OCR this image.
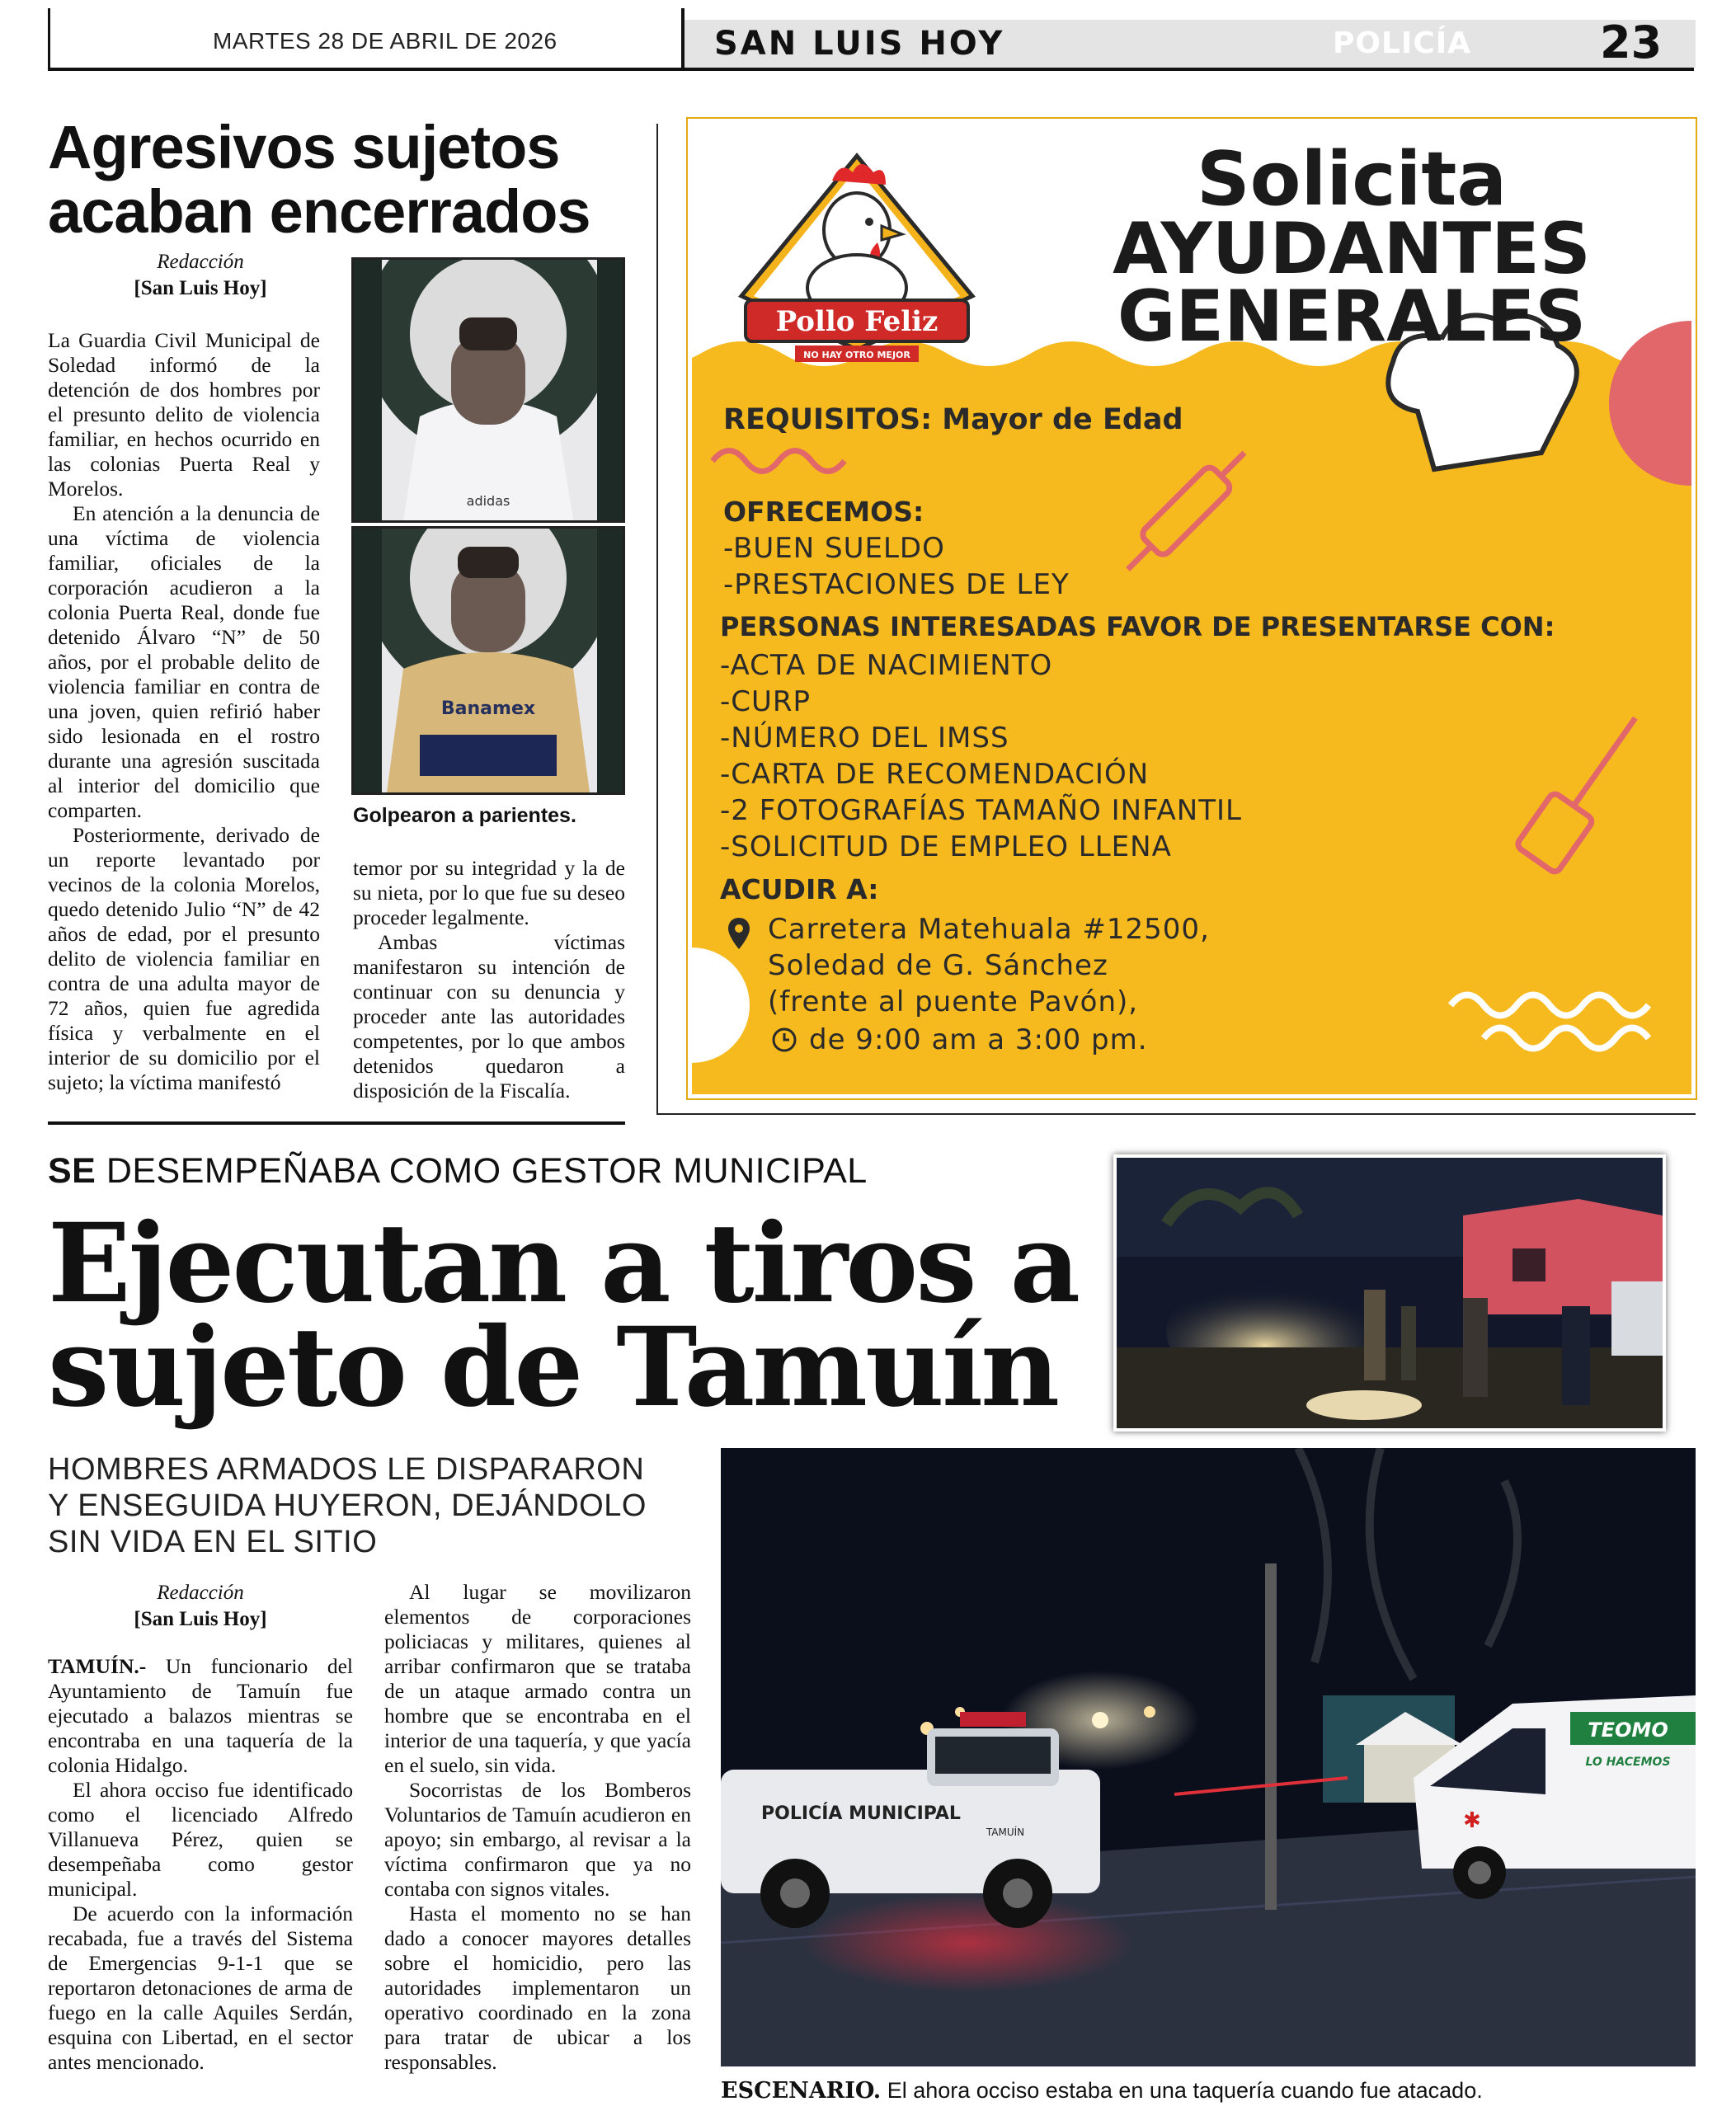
MARTES 28 DE ABRIL DE 2026	SAN LUIS HOY	POLICÍA	23
Agresivos sujetos
acaban encerrados
Redacción
[San Luis Hoy]

La Guardia Civil Municipal de Soledad informó de la detención de dos hombres por el presunto delito de violencia familiar, en hechos ocurrido en las colonias Puerta Real y Morelos.

En atención a la denuncia de una víctima de violencia familiar, oficiales de la corporación acudieron a la colonia Puerta Real, donde fue detenido Álvaro “N” de 50 años, por el probable delito de violencia familiar en contra de una joven, quien refirió haber sido lesionada en el rostro durante una agresión suscitada al interior del domicilio que comparten.

Posteriormente, derivado de un reporte levantado por vecinos de la colonia Morelos, quedo detenido Julio “N” de 42 años de edad, por el presunto delito de violencia familiar en contra de una adulta mayor de 72 años, quien fue agredida física y verbalmente en el interior de su domicilio por el sujeto; la víctima manifestó

adidas
Banamex
Golpearon a parientes.

temor por su integridad y la de su nieta, por lo que fue su deseo proceder legalmente.

Ambas víctimas manifestaron su intención de continuar con su denuncia y proceder ante las autoridades competentes, por lo que ambos detenidos quedaron a disposición de la Fiscalía.

Pollo Feliz
NO HAY OTRO MEJOR
Solicita
AYUDANTES
GENERALES
REQUISITOS: Mayor de Edad
OFRECEMOS:
-BUEN SUELDO
-PRESTACIONES DE LEY
PERSONAS INTERESADAS FAVOR DE PRESENTARSE CON:
-ACTA DE NACIMIENTO
-CURP
-NÚMERO DEL IMSS
-CARTA DE RECOMENDACIÓN
-2 FOTOGRAFÍAS TAMAÑO INFANTIL
-SOLICITUD DE EMPLEO LLENA
ACUDIR A:
Carretera Matehuala #12500,
Soledad de G. Sánchez
(frente al puente Pavón),
de 9:00 am a 3:00 pm.
SE DESEMPEÑABA COMO GESTOR MUNICIPAL
Ejecutan a tiros a
sujeto de Tamuín
HOMBRES ARMADOS LE DISPARARON
Y ENSEGUIDA HUYERON, DEJÁNDOLO
SIN VIDA EN EL SITIO
Redacción
[San Luis Hoy]

TAMUÍN.- Un funcionario del Ayuntamiento de Tamuín fue ejecutado a balazos mientras se encontraba en una taquería de la colonia Hidalgo.

El ahora occiso fue identificado como el licenciado Alfredo Villanueva Pérez, quien se desempeñaba como gestor municipal.

De acuerdo con la información recabada, fue a través del Sistema de Emergencias 9-1-1 que se reportaron detonaciones de arma de fuego en la calle Aquiles Serdán, esquina con Libertad, en el sector antes mencionado.

Al lugar se movilizaron elementos de corporaciones policiacas y militares, quienes al arribar confirmaron que se trataba de un ataque armado contra un hombre que se encontraba en el interior de una taquería, y que yacía en el suelo, sin vida.

Socorristas de los Bomberos Voluntarios de Tamuín acudieron en apoyo; sin embargo, al revisar a la víctima confirmaron que ya no contaba con signos vitales.

Hasta el momento no se han dado a conocer mayores detalles sobre el homicidio, pero las autoridades implementaron un operativo coordinado en la zona para tratar de ubicar a los responsables.

POLICÍA MUNICIPAL
TAMUÍN
TEOMO
LO HACEMOS
✱
ESCENARIO. El ahora occiso estaba en una taquería cuando fue atacado.
